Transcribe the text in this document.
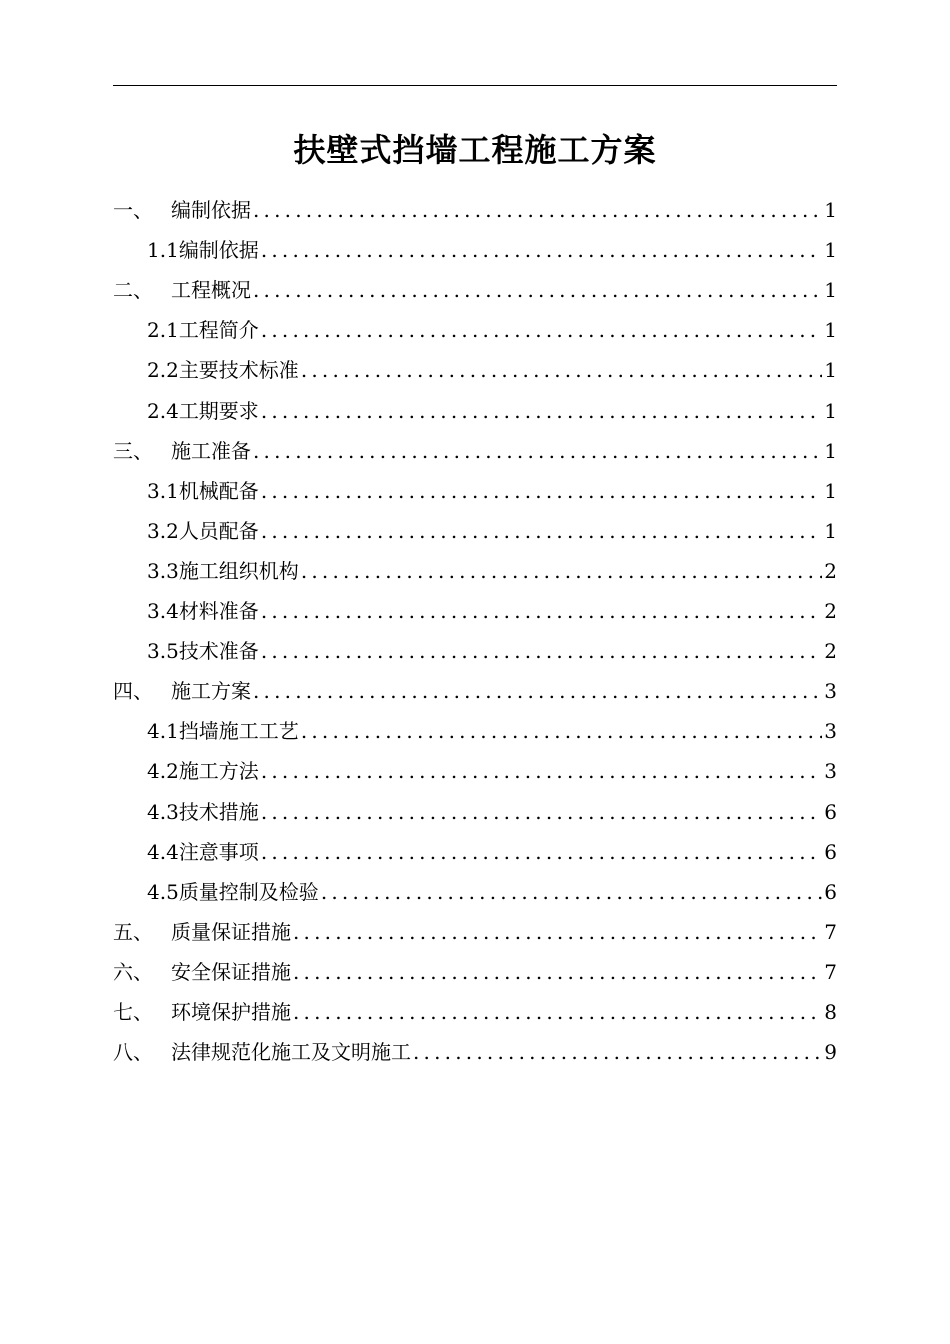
扶壁式挡墙工程施工方案
一、 编制依据 .....	1
1.1 编制依据 .....	1
二、 工程概况 .....	1
2.1 工程简介 .....	1
2.2 主要技术标准 .....	1
2.4 工期要求 .....	1
三、 施工准备 .....	1
3.1 机械配备 .....	1
3.2 人员配备 .....	1
3.3 施工组织机构 .....	2
3.4 材料准备 .....	2
3.5 技术准备 .....	2
四、 施工方案 .....	3
4.1 挡墙施工工艺 .....	3
4.2 施工方法 .....	3
4.3 技术措施 .....	6
4.4 注意事项 .....	6
4.5 质量控制及检验 .....	6
五、 质量保证措施 .....	7
六、 安全保证措施 .....	7
七、 环境保护措施 .....	8
八、 法律规范化施工及文明施工 .....	9
